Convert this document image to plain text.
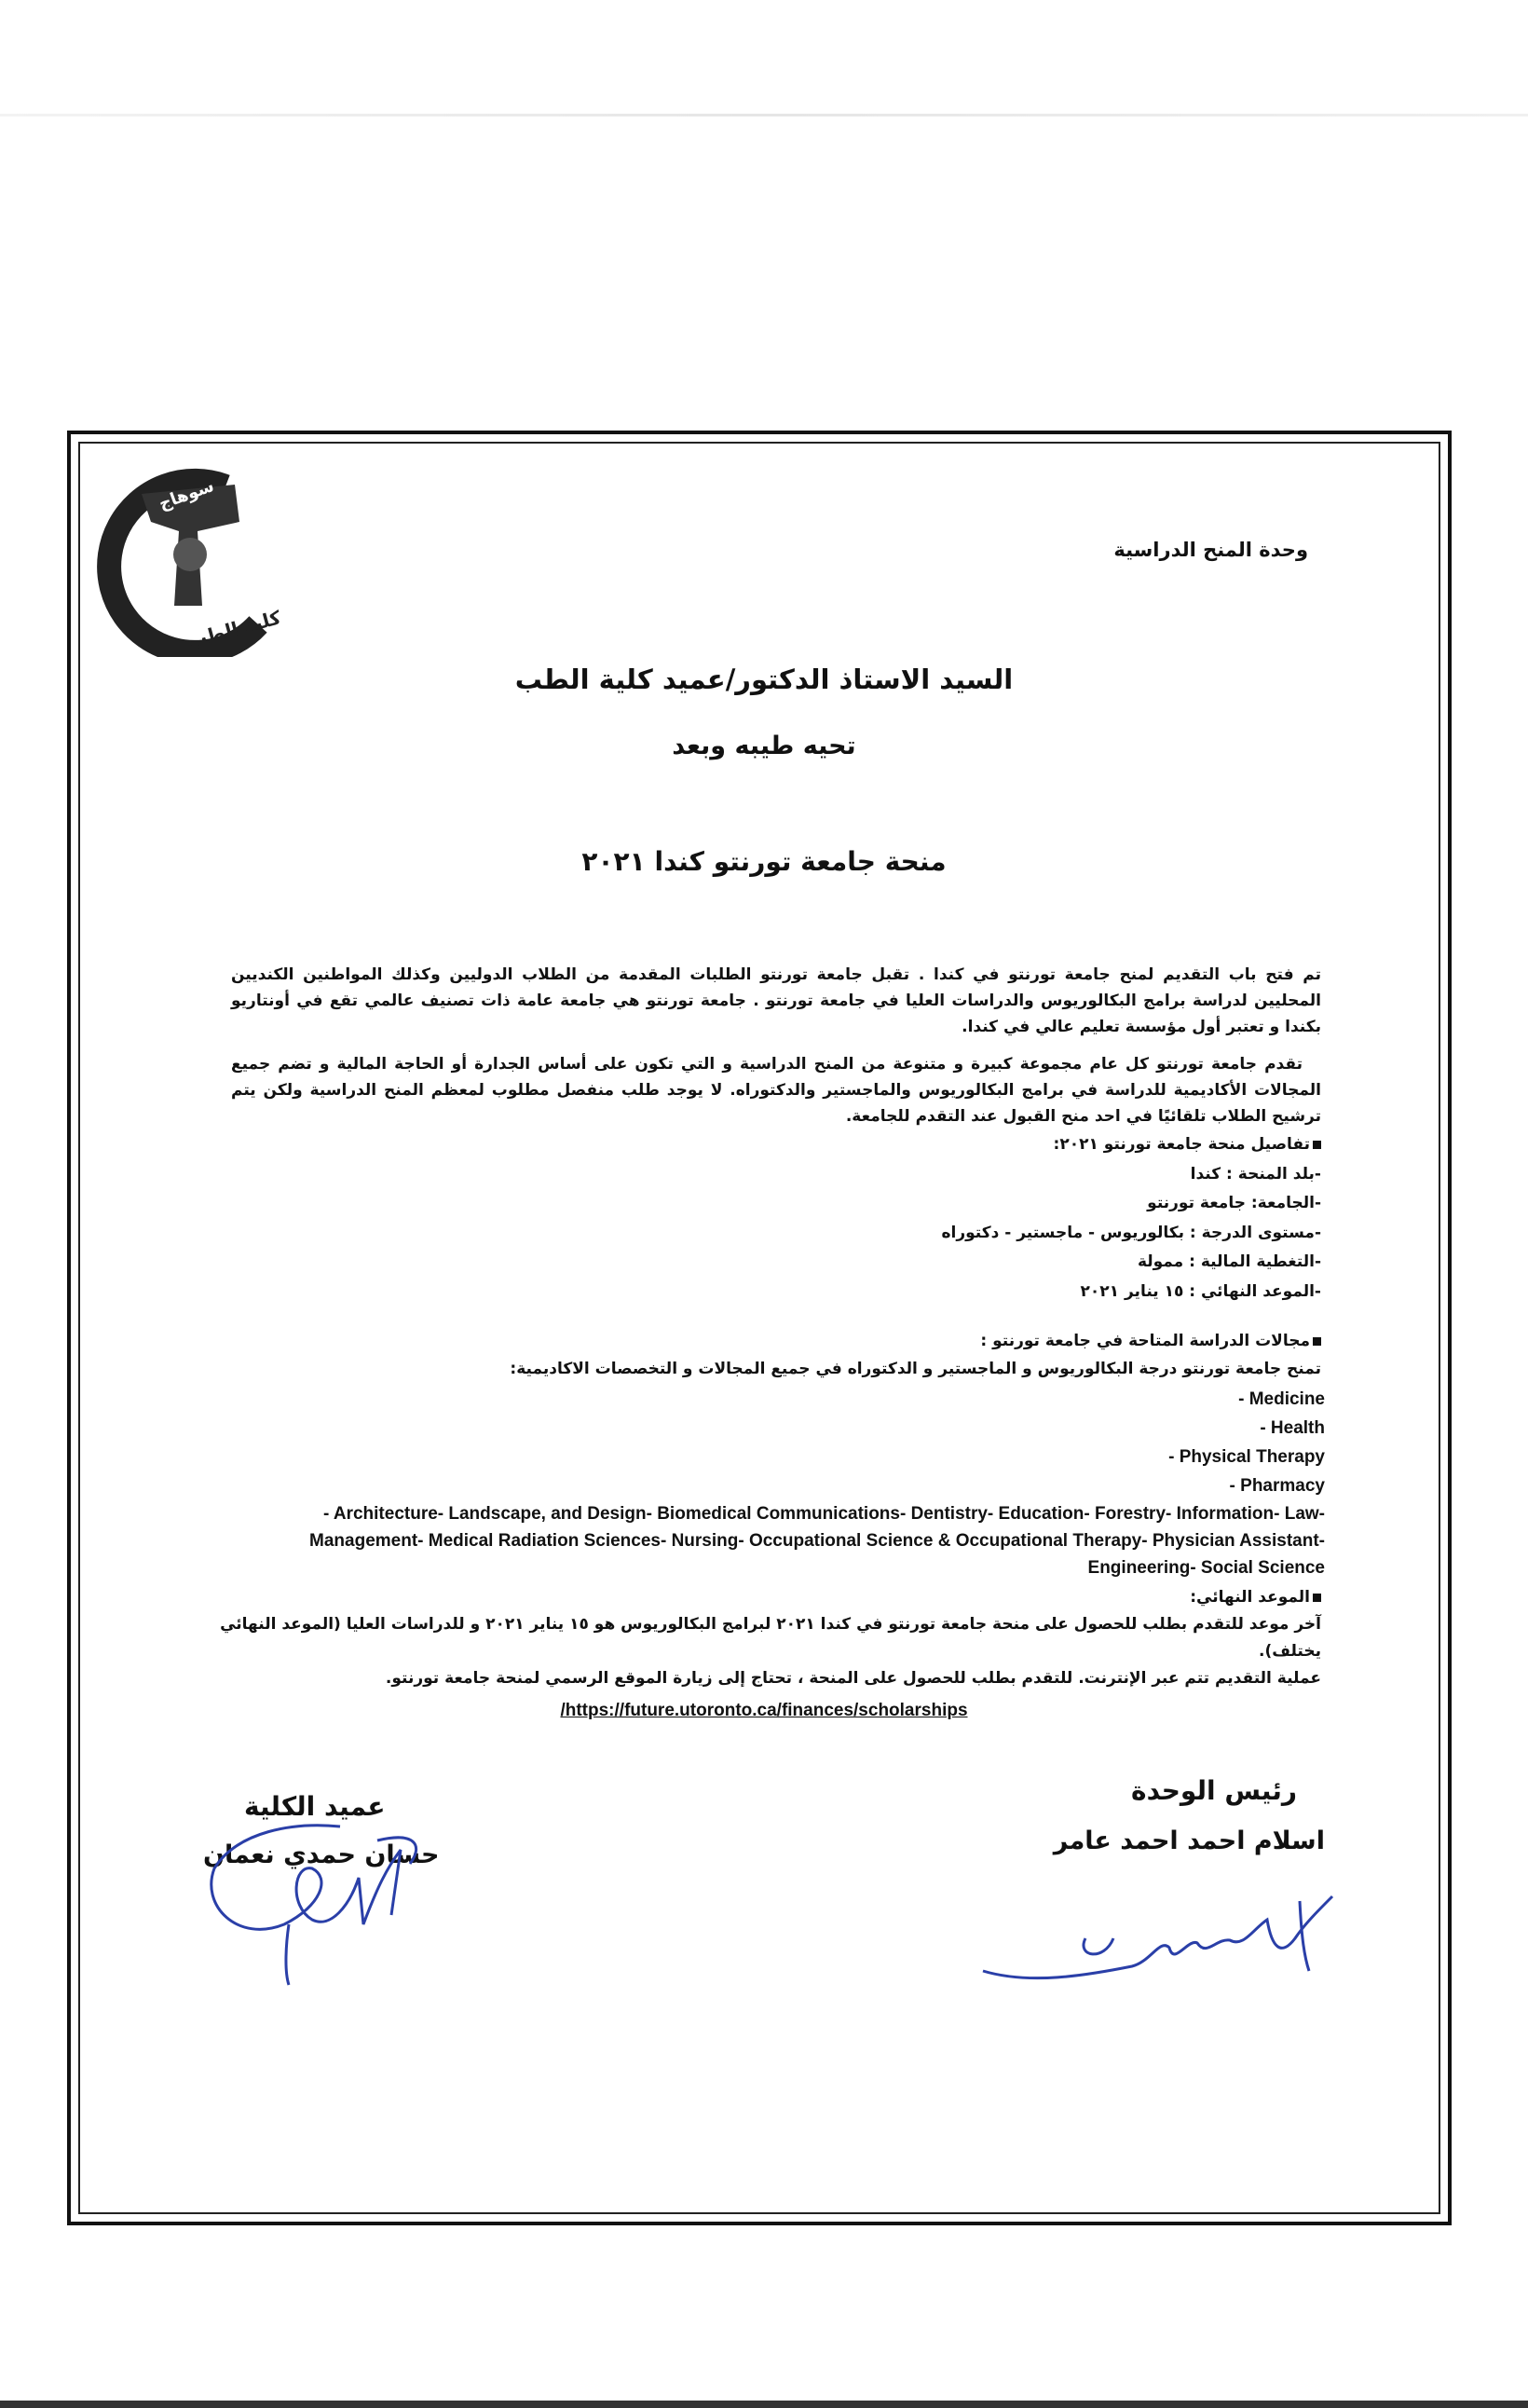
سوهاج
كلية الطب
وحدة المنح الدراسية
السيد الاستاذ الدكتور/عميد كلية الطب
تحيه طيبه وبعد
منحة جامعة تورنتو كندا ٢٠٢١
تم فتح باب التقديم لمنح جامعة تورنتو في كندا . تقبل جامعة تورنتو الطلبات المقدمة من الطلاب الدوليين وكذلك المواطنين الكنديين المحليين لدراسة برامج البكالوريوس والدراسات العليا في جامعة تورنتو . جامعة تورنتو هي جامعة عامة ذات تصنيف عالمي تقع في أونتاريو بكندا و تعتبر أول مؤسسة تعليم عالي في كندا.
تقدم جامعة تورنتو كل عام مجموعة كبيرة و متنوعة من المنح الدراسية و التي تكون على أساس الجدارة أو الحاجة المالية و تضم جميع المجالات الأكاديمية للدراسة في برامج البكالوريوس والماجستير والدكتوراه. لا يوجد طلب منفصل مطلوب لمعظم المنح الدراسية ولكن يتم ترشيح الطلاب تلقائيًا في احد منح القبول عند التقدم للجامعة.
تفاصيل منحة جامعة تورنتو ٢٠٢١:
-بلد المنحة : كندا
-الجامعة: جامعة تورنتو
-مستوى الدرجة : بكالوريوس - ماجستير - دكتوراه
-التغطية المالية : ممولة
-الموعد النهائي : ١٥ يناير ٢٠٢١
مجالات الدراسة المتاحة في جامعة تورنتو :
تمنح جامعة تورنتو درجة البكالوريوس و الماجستير و الدكتوراه في جميع المجالات و التخصصات الاكاديمية:
- Medicine
- Health
- Physical Therapy
- Pharmacy
- Architecture- Landscape, and Design- Biomedical Communications- Dentistry- Education- Forestry- Information- Law- Management- Medical Radiation Sciences- Nursing- Occupational Science & Occupational Therapy- Physician Assistant- Engineering- Social Science
الموعد النهائي:
آخر موعد للتقدم بطلب للحصول على منحة جامعة تورنتو في كندا ٢٠٢١ لبرامج البكالوريوس هو ١٥ يناير ٢٠٢١ و للدراسات العليا (الموعد النهائي يختلف).
عملية التقديم تتم عبر الإنترنت. للتقدم بطلب للحصول على المنحة ، تحتاج إلى زيارة الموقع الرسمي لمنحة جامعة تورنتو.
/https://future.utoronto.ca/finances/scholarships
رئيس الوحدة
اسلام احمد احمد عامر
عميد الكلية
حسان حمدي نعمان
